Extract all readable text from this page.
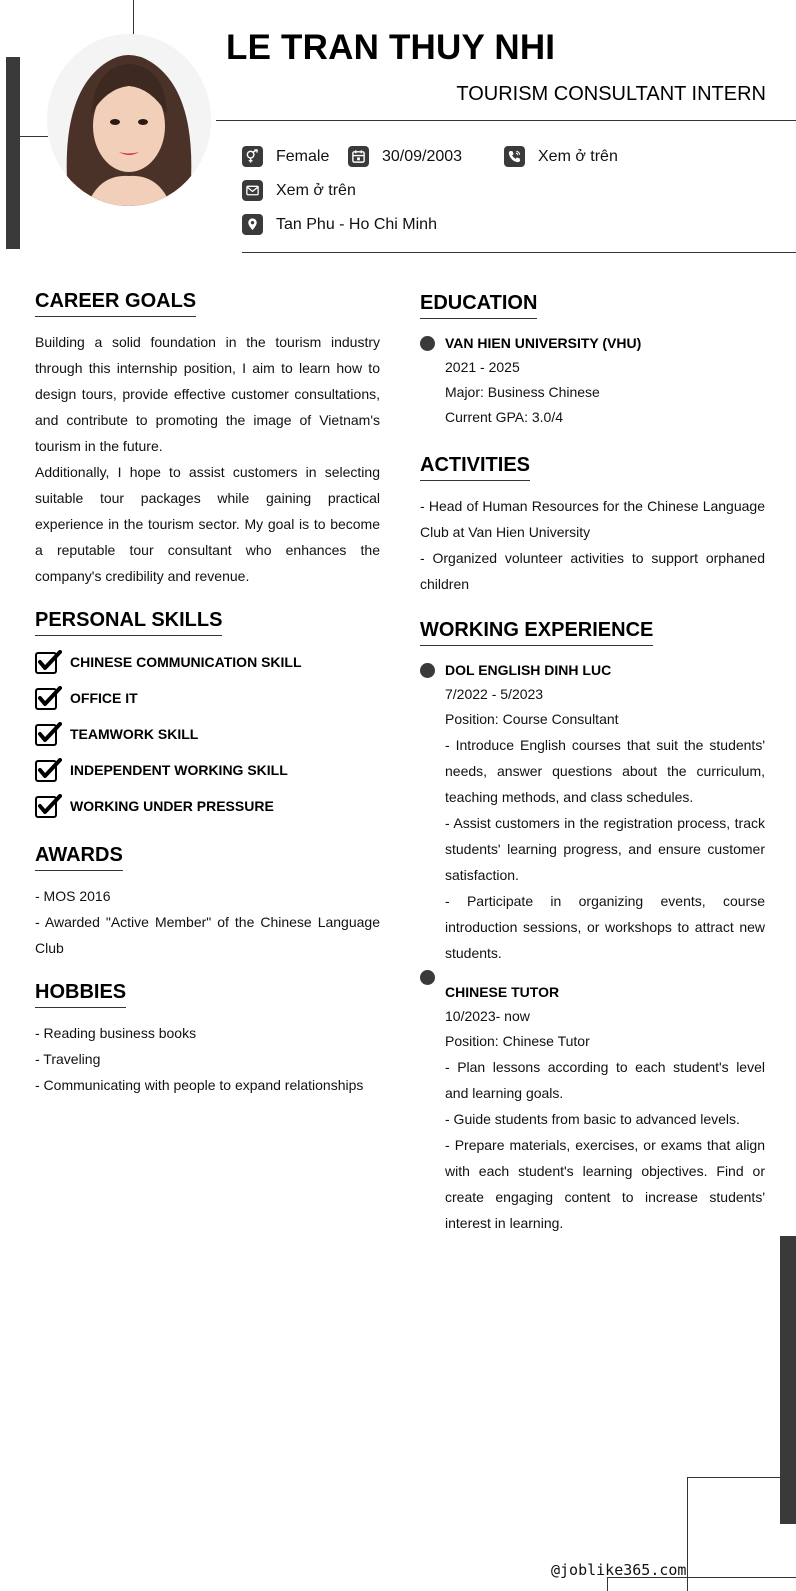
LE TRAN THUY NHI
TOURISM CONSULTANT INTERN
Female	30/09/2003	Xem ở trên
Xem ở trên
Tan Phu - Ho Chi Minh
CAREER GOALS

Building a solid foundation in the tourism industry through this internship position, I aim to learn how to design tours, provide effective customer consultations, and contribute to promoting the image of Vietnam's tourism in the future.

Additionally, I hope to assist customers in selecting suitable tour packages while gaining practical experience in the tourism sector. My goal is to become a reputable tour consultant who enhances the company's credibility and revenue.

PERSONAL SKILLS
CHINESE COMMUNICATION SKILL
OFFICE IT
TEAMWORK SKILL
INDEPENDENT WORKING SKILL
WORKING UNDER PRESSURE
AWARDS

- MOS 2016

- Awarded "Active Member" of the Chinese Language Club

HOBBIES

- Reading business books

- Traveling

- Communicating with people to expand relationships

EDUCATION
VAN HIEN UNIVERSITY (VHU)
2021 - 2025
Major: Business Chinese
Current GPA: 3.0/4
ACTIVITIES

- Head of Human Resources for the Chinese Language Club at Van Hien University

- Organized volunteer activities to support orphaned children

WORKING EXPERIENCE
DOL ENGLISH DINH LUC
7/2022 - 5/2023
Position: Course Consultant

- Introduce English courses that suit the students' needs, answer questions about the curriculum, teaching methods, and class schedules.

- Assist customers in the registration process, track students' learning progress, and ensure customer satisfaction.

- Participate in organizing events, course introduction sessions, or workshops to attract new students.

CHINESE TUTOR
10/2023- now
Position: Chinese Tutor

- Plan lessons according to each student's level and learning goals.

- Guide students from basic to advanced levels.

- Prepare materials, exercises, or exams that align with each student's learning objectives. Find or create engaging content to increase students' interest in learning.

@joblike365.com
